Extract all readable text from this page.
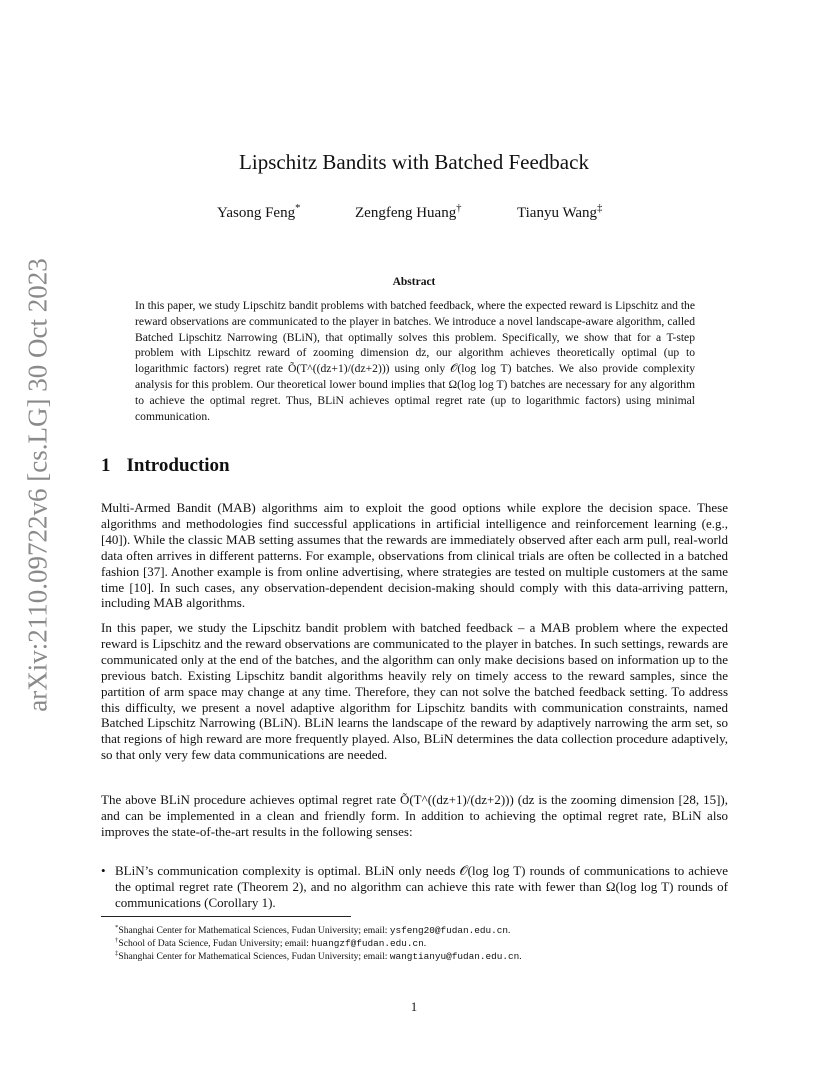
arXiv:2110.09722v6 [cs.LG] 30 Oct 2023
Lipschitz Bandits with Batched Feedback
Yasong Feng*	Zengfeng Huang†	Tianyu Wang‡
Abstract
In this paper, we study Lipschitz bandit problems with batched feedback, where the expected reward is Lipschitz and the reward observations are communicated to the player in batches. We introduce a novel landscape-aware algorithm, called Batched Lipschitz Narrowing (BLiN), that optimally solves this problem. Specifically, we show that for a T-step problem with Lipschitz reward of zooming dimension dz, our algorithm achieves theoretically optimal (up to logarithmic factors) regret rate Õ(T^((dz+1)/(dz+2))) using only 𝒪(log log T) batches. We also provide complexity analysis for this problem. Our theoretical lower bound implies that Ω(log log T) batches are necessary for any algorithm to achieve the optimal regret. Thus, BLiN achieves optimal regret rate (up to logarithmic factors) using minimal communication.
1 Introduction
Multi-Armed Bandit (MAB) algorithms aim to exploit the good options while explore the decision space. These algorithms and methodologies find successful applications in artificial intelligence and reinforcement learning (e.g., [40]). While the classic MAB setting assumes that the rewards are immediately observed after each arm pull, real-world data often arrives in different patterns. For example, observations from clinical trials are often be collected in a batched fashion [37]. Another example is from online advertising, where strategies are tested on multiple customers at the same time [10]. In such cases, any observation-dependent decision-making should comply with this data-arriving pattern, including MAB algorithms.
In this paper, we study the Lipschitz bandit problem with batched feedback – a MAB problem where the expected reward is Lipschitz and the reward observations are communicated to the player in batches. In such settings, rewards are communicated only at the end of the batches, and the algorithm can only make decisions based on information up to the previous batch. Existing Lipschitz bandit algorithms heavily rely on timely access to the reward samples, since the partition of arm space may change at any time. Therefore, they can not solve the batched feedback setting. To address this difficulty, we present a novel adaptive algorithm for Lipschitz bandits with communication constraints, named Batched Lipschitz Narrowing (BLiN). BLiN learns the landscape of the reward by adaptively narrowing the arm set, so that regions of high reward are more frequently played. Also, BLiN determines the data collection procedure adaptively, so that only very few data communications are needed.
The above BLiN procedure achieves optimal regret rate Õ(T^((dz+1)/(dz+2))) (dz is the zooming dimension [28, 15]), and can be implemented in a clean and friendly form. In addition to achieving the optimal regret rate, BLiN also improves the state-of-the-art results in the following senses:
• BLiN’s communication complexity is optimal. BLiN only needs 𝒪(log log T) rounds of communications to achieve the optimal regret rate (Theorem 2), and no algorithm can achieve this rate with fewer than Ω(log log T) rounds of communications (Corollary 1).
*Shanghai Center for Mathematical Sciences, Fudan University; email: ysfeng20@fudan.edu.cn.
†School of Data Science, Fudan University; email: huangzf@fudan.edu.cn.
‡Shanghai Center for Mathematical Sciences, Fudan University; email: wangtianyu@fudan.edu.cn.
1
